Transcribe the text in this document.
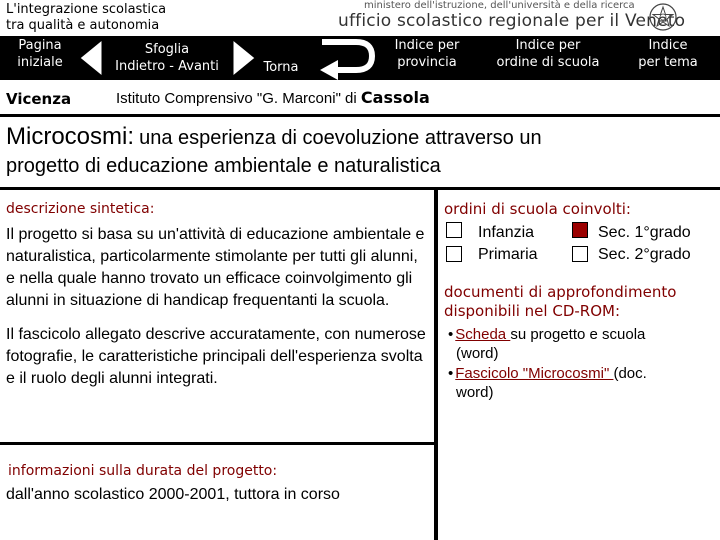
L'integrazione scolastica
tra qualità e autonomia
ministero dell'istruzione, dell'università e della ricerca
ufficio scolastico regionale per il Veneto
Pagina
iniziale
Sfoglia
Indietro - Avanti	Torna
Indice per
provincia
Indice per
ordine di scuola
Indice
per tema
Vicenza	Istituto Comprensivo "G. Marconi" di Cassola
Microcosmi: una esperienza di coevoluzione attraverso un
progetto di educazione ambientale e naturalistica
descrizione sintetica:

Il progetto si basa su un'attività di educazione ambientale e naturalistica, particolarmente stimolante per tutti gli alunni, e nella quale hanno trovato un efficace coinvolgimento gli alunni in situazione di handicap frequentanti la scuola.

Il fascicolo allegato descrive accuratamente, con numerose fotografie, le caratteristiche principali dell'esperienza svolta e il ruolo degli alunni integrati.

informazioni sulla durata del progetto:
dall'anno scolastico 2000-2001, tuttora in corso
ordini di scuola coinvolti:
Infanzia	Sec. 1°grado
Primaria	Sec. 2°grado
documenti di approfondimento disponibili nel CD-ROM:
• Scheda su progetto e scuola
(word)
• Fascicolo "Microcosmi" (doc.
word)
